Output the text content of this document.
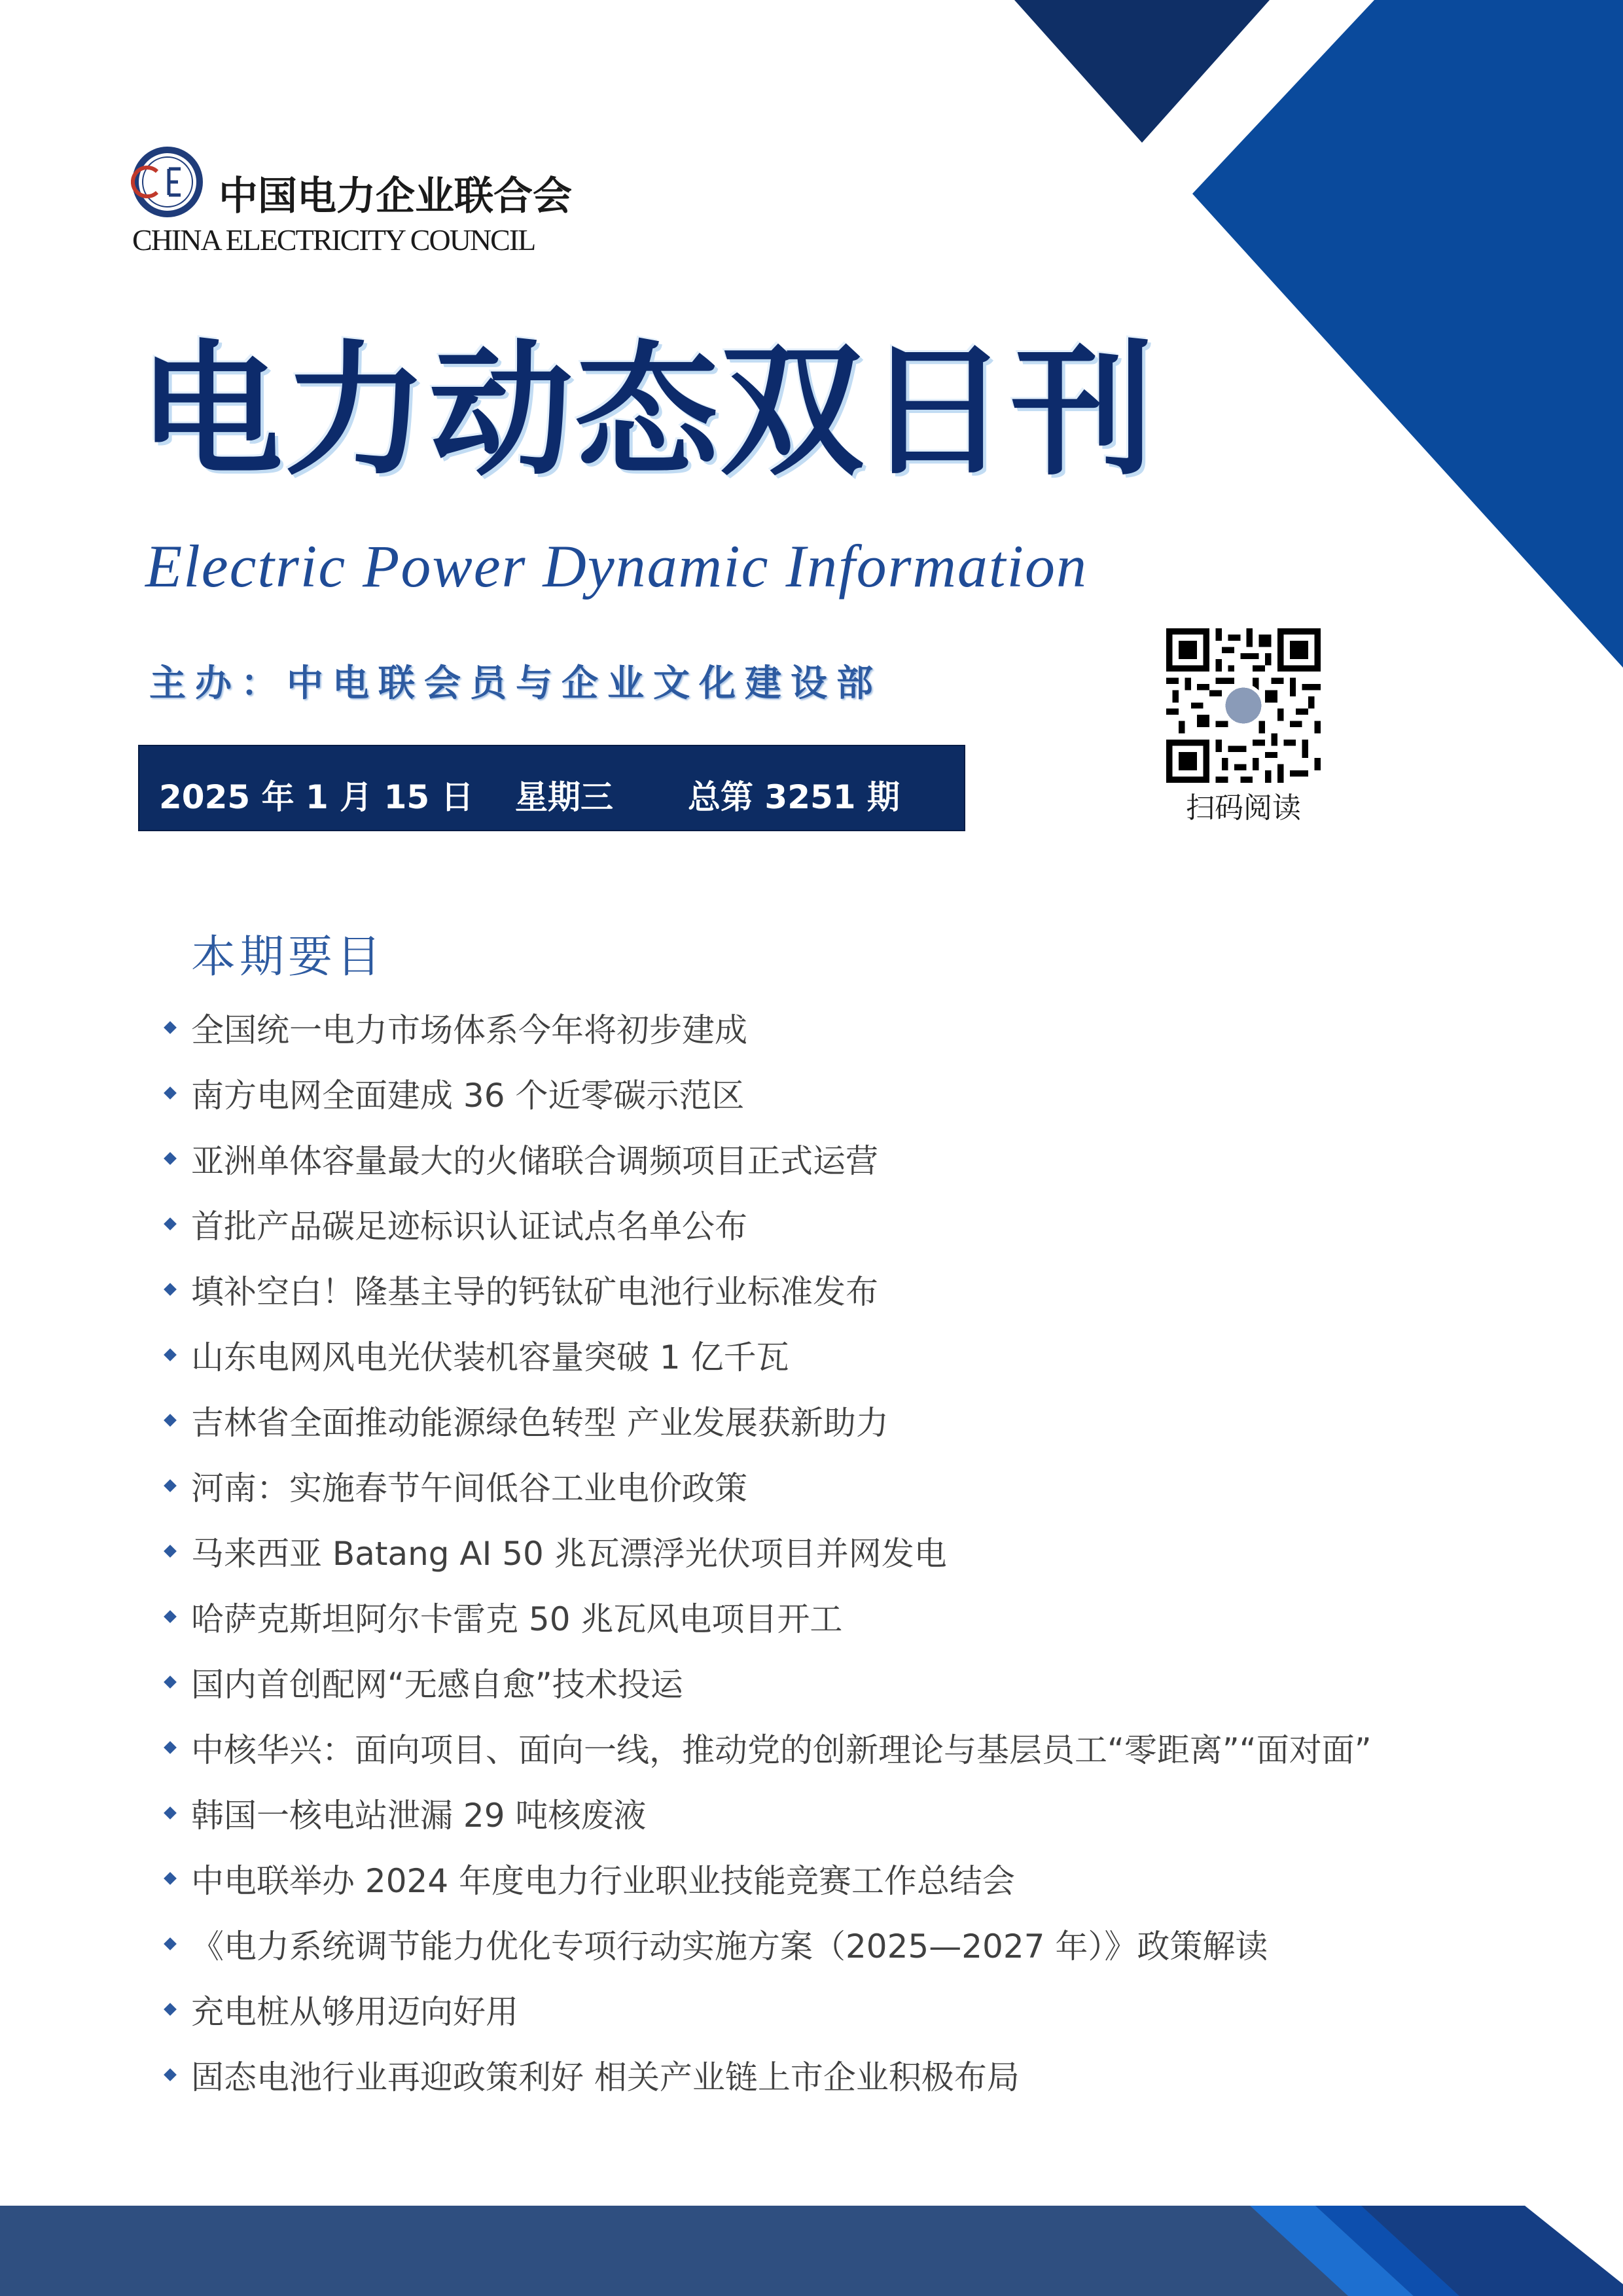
中国电力企业联合会
CHINA ELECTRICITY COUNCIL
电力动态双日刊
Electric Power Dynamic Information
主办：中电联会员与企业文化建设部
2025 年 1 月 15 日 星期三 总第 3251 期	扫码阅读
本期要目
全国统一电力市场体系今年将初步建成
南方电网全面建成 36 个近零碳示范区
亚洲单体容量最大的火储联合调频项目正式运营
首批产品碳足迹标识认证试点名单公布
填补空白！隆基主导的钙钛矿电池行业标准发布
山东电网风电光伏装机容量突破 1 亿千瓦
吉林省全面推动能源绿色转型 产业发展获新助力
河南：实施春节午间低谷工业电价政策
马来西亚 Batang AI 50 兆瓦漂浮光伏项目并网发电
哈萨克斯坦阿尔卡雷克 50 兆瓦风电项目开工
国内首创配网“无感自愈”技术投运
中核华兴：面向项目、面向一线，推动党的创新理论与基层员工“零距离”“面对面”
韩国一核电站泄漏 29 吨核废液
中电联举办 2024 年度电力行业职业技能竞赛工作总结会
《电力系统调节能力优化专项行动实施方案（2025—2027 年）》政策解读
充电桩从够用迈向好用
固态电池行业再迎政策利好 相关产业链上市企业积极布局
